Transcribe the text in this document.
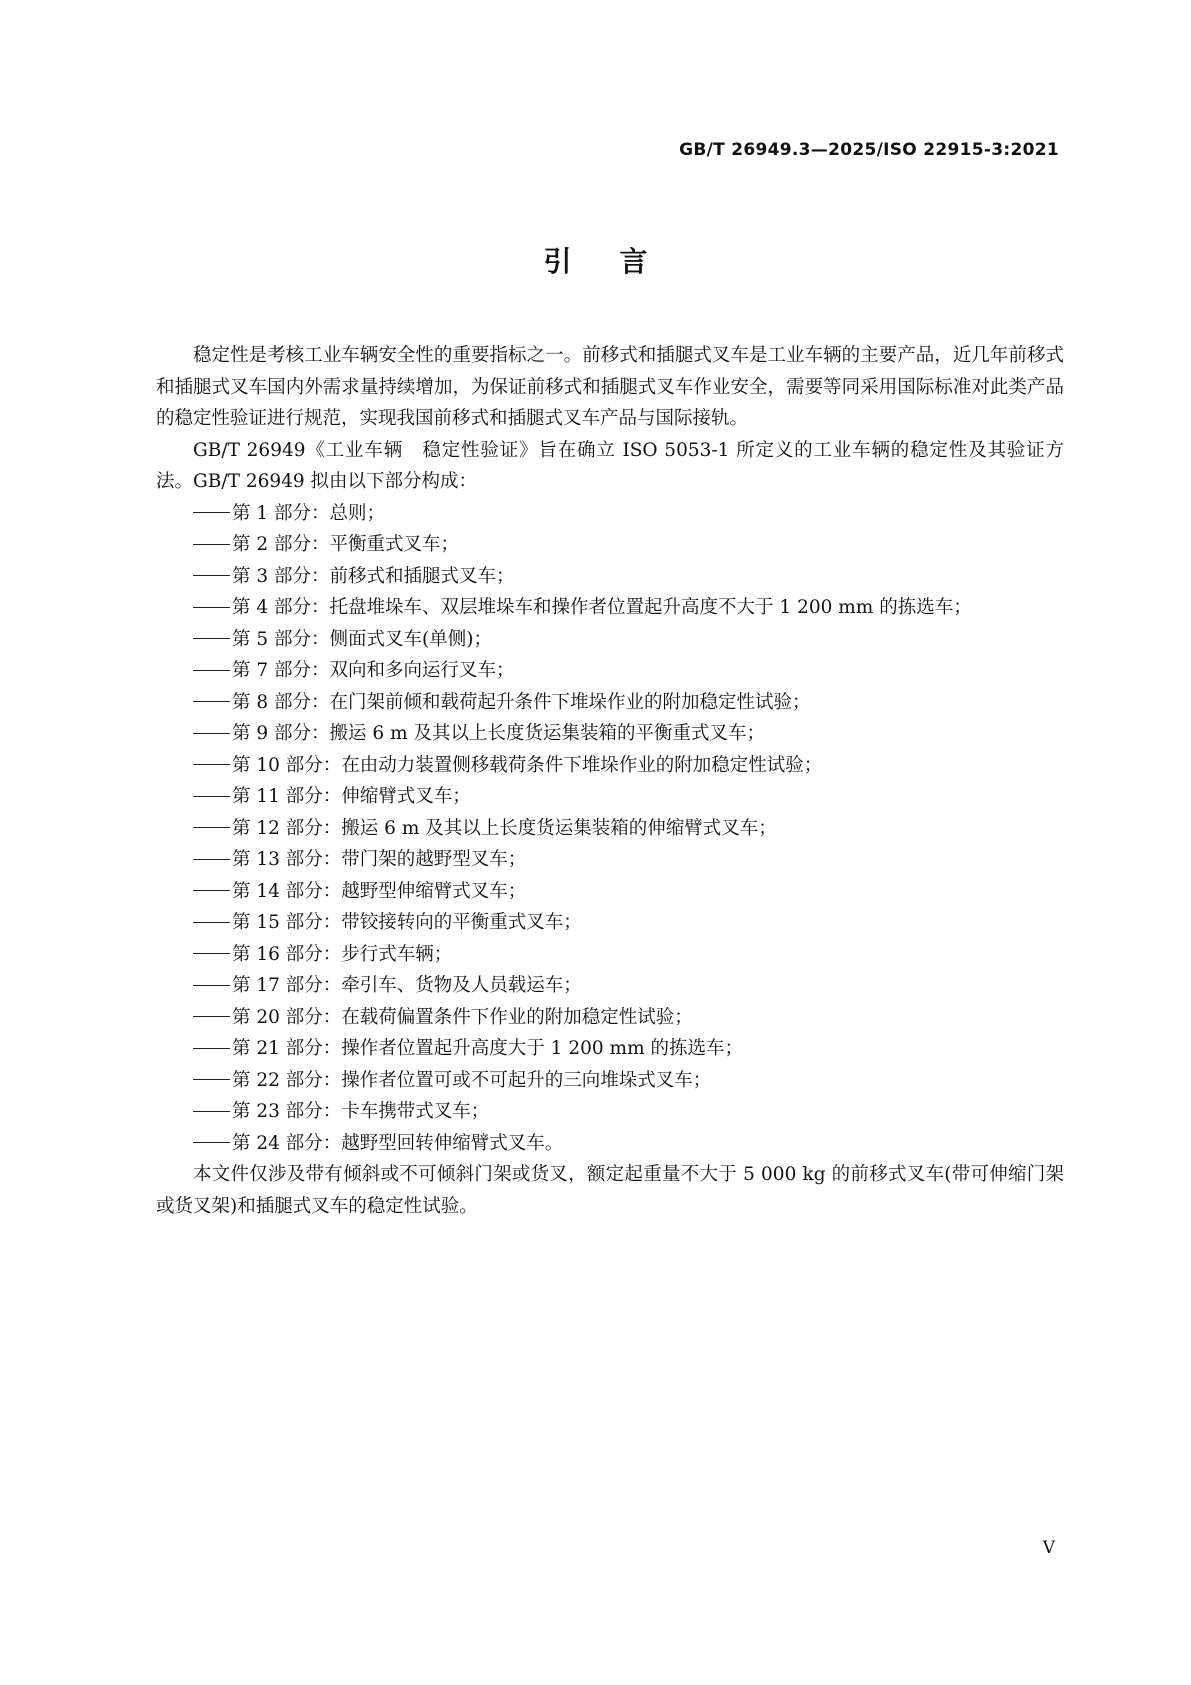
GB/T 26949.3—2025/ISO 22915-3:2021
引言

稳定性是考核工业车辆安全性的重要指标之一。前移式和插腿式叉车是工业车辆的主要产品，近几年前移式和插腿式叉车国内外需求量持续增加，为保证前移式和插腿式叉车作业安全，需要等同采用国际标准对此类产品的稳定性验证进行规范，实现我国前移式和插腿式叉车产品与国际接轨。

GB/T 26949《工业车辆　稳定性验证》旨在确立 ISO 5053-1 所定义的工业车辆的稳定性及其验证方法。GB/T 26949 拟由以下部分构成：

第 1 部分：总则；
第 2 部分：平衡重式叉车；
第 3 部分：前移式和插腿式叉车；
第 4 部分：托盘堆垛车、双层堆垛车和操作者位置起升高度不大于 1 200 mm 的拣选车；
第 5 部分：侧面式叉车(单侧)；
第 7 部分：双向和多向运行叉车；
第 8 部分：在门架前倾和载荷起升条件下堆垛作业的附加稳定性试验；
第 9 部分：搬运 6 m 及其以上长度货运集装箱的平衡重式叉车；
第 10 部分：在由动力装置侧移载荷条件下堆垛作业的附加稳定性试验；
第 11 部分：伸缩臂式叉车；
第 12 部分：搬运 6 m 及其以上长度货运集装箱的伸缩臂式叉车；
第 13 部分：带门架的越野型叉车；
第 14 部分：越野型伸缩臂式叉车；
第 15 部分：带铰接转向的平衡重式叉车；
第 16 部分：步行式车辆；
第 17 部分：牵引车、货物及人员载运车；
第 20 部分：在载荷偏置条件下作业的附加稳定性试验；
第 21 部分：操作者位置起升高度大于 1 200 mm 的拣选车；
第 22 部分：操作者位置可或不可起升的三向堆垛式叉车；
第 23 部分：卡车携带式叉车；
第 24 部分：越野型回转伸缩臂式叉车。

本文件仅涉及带有倾斜或不可倾斜门架或货叉，额定起重量不大于 5 000 kg 的前移式叉车(带可伸缩门架或货叉架)和插腿式叉车的稳定性试验。

V
